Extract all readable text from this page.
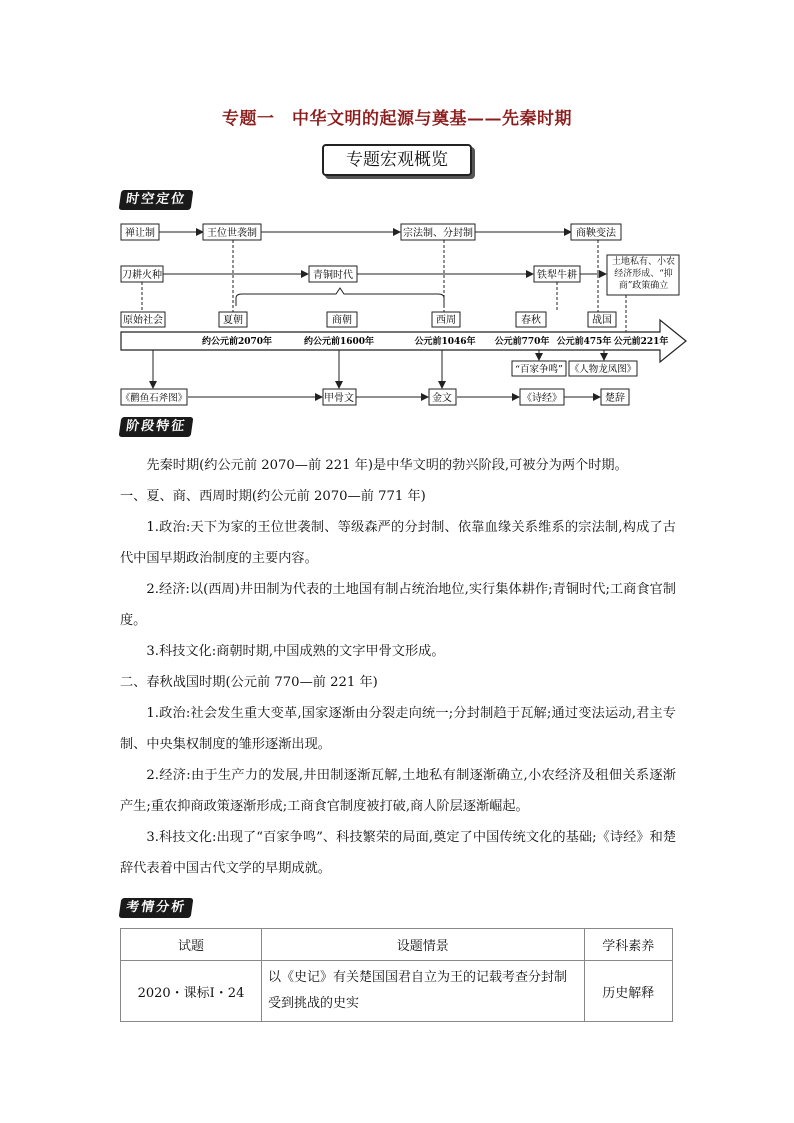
专题一　中华文明的起源与奠基——先秦时期
专题宏观概览
时空定位
禅让制	王位世袭制	宗法制、分封制	商鞅变法
刀耕火种	青铜时代	铁犁牛耕
土地私有、小农经济形成、“抑商”政策确立
原始社会	夏朝	商朝	西周	春秋	战国
约公元前2070年	约公元前1600年	公元前1046年 公元前770年 公元前475年 公元前221年
“百家争鸣” 《人物龙凤图》
《鹳鱼石斧图》	甲骨文	金文	《诗经》	楚辞
阶段特征
先秦时期(约公元前 2070—前 221 年)是中华文明的勃兴阶段,可被分为两个时期。
一、夏、商、西周时期(约公元前 2070—前 771 年)
1.政治:天下为家的王位世袭制、等级森严的分封制、依靠血缘关系维系的宗法制,构成了古代中国早期政治制度的主要内容。
2.经济:以(西周)井田制为代表的土地国有制占统治地位,实行集体耕作;青铜时代;工商食官制度。
3.科技文化:商朝时期,中国成熟的文字甲骨文形成。
二、春秋战国时期(公元前 770—前 221 年)
1.政治:社会发生重大变革,国家逐渐由分裂走向统一;分封制趋于瓦解;通过变法运动,君主专制、中央集权制度的雏形逐渐出现。
2.经济:由于生产力的发展,井田制逐渐瓦解,土地私有制逐渐确立,小农经济及租佃关系逐渐产生;重农抑商政策逐渐形成;工商食官制度被打破,商人阶层逐渐崛起。
3.科技文化:出现了“百家争鸣”、科技繁荣的局面,奠定了中国传统文化的基础;《诗经》和楚辞代表着中国古代文学的早期成就。
考情分析
试题	设题情景	学科素养
2020・课标Ⅰ・24	以《史记》有关楚国国君自立为王的记载考查分封制受到挑战的史实	历史解释
